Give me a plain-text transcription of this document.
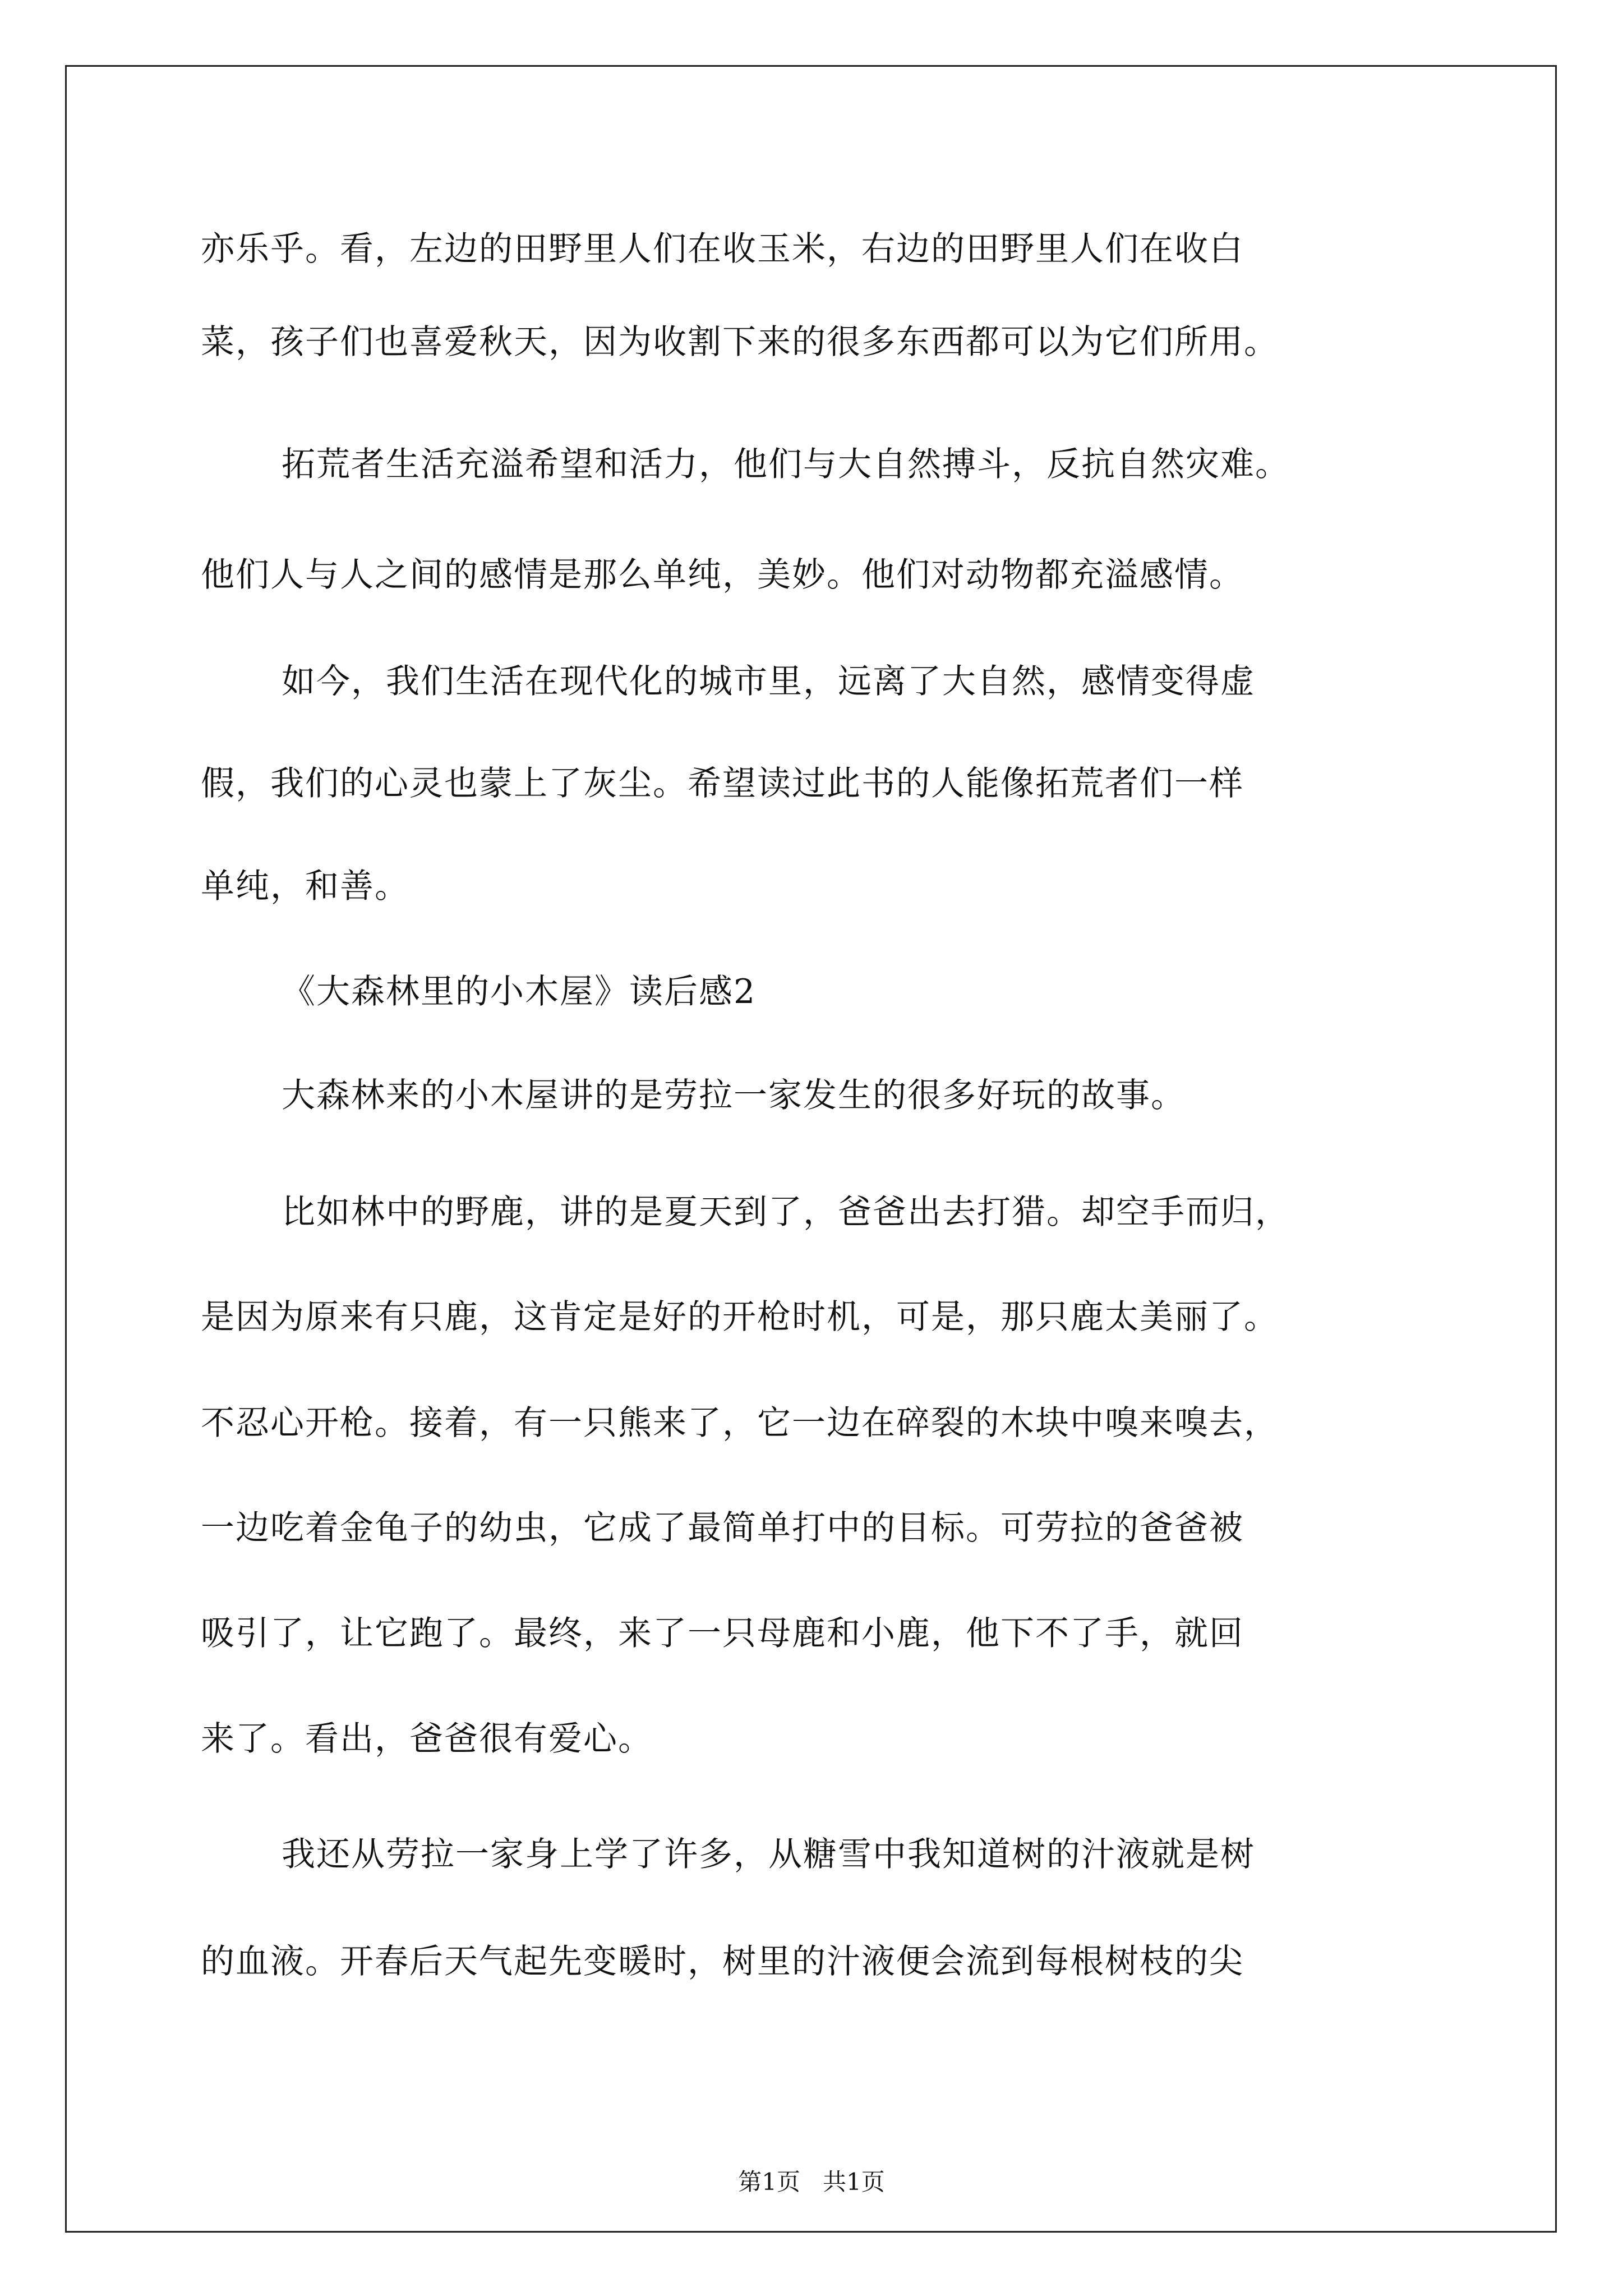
亦乐乎。看，左边的田野里人们在收玉米，右边的田野里人们在收白
菜，孩子们也喜爱秋天，因为收割下来的很多东西都可以为它们所用。
拓荒者生活充溢希望和活力，他们与大自然搏斗，反抗自然灾难。
他们人与人之间的感情是那么单纯，美妙。他们对动物都充溢感情。
如今，我们生活在现代化的城市里，远离了大自然，感情变得虚
假，我们的心灵也蒙上了灰尘。希望读过此书的人能像拓荒者们一样
单纯，和善。
《大森林里的小木屋》读后感2
大森林来的小木屋讲的是劳拉一家发生的很多好玩的故事。
比如林中的野鹿，讲的是夏天到了，爸爸出去打猎。却空手而归，
是因为原来有只鹿，这肯定是好的开枪时机，可是，那只鹿太美丽了。
不忍心开枪。接着，有一只熊来了，它一边在碎裂的木块中嗅来嗅去，
一边吃着金龟子的幼虫，它成了最简单打中的目标。可劳拉的爸爸被
吸引了，让它跑了。最终，来了一只母鹿和小鹿，他下不了手，就回
来了。看出，爸爸很有爱心。
我还从劳拉一家身上学了许多，从糖雪中我知道树的汁液就是树
的血液。开春后天气起先变暖时，树里的汁液便会流到每根树枝的尖
第1页   共1页
